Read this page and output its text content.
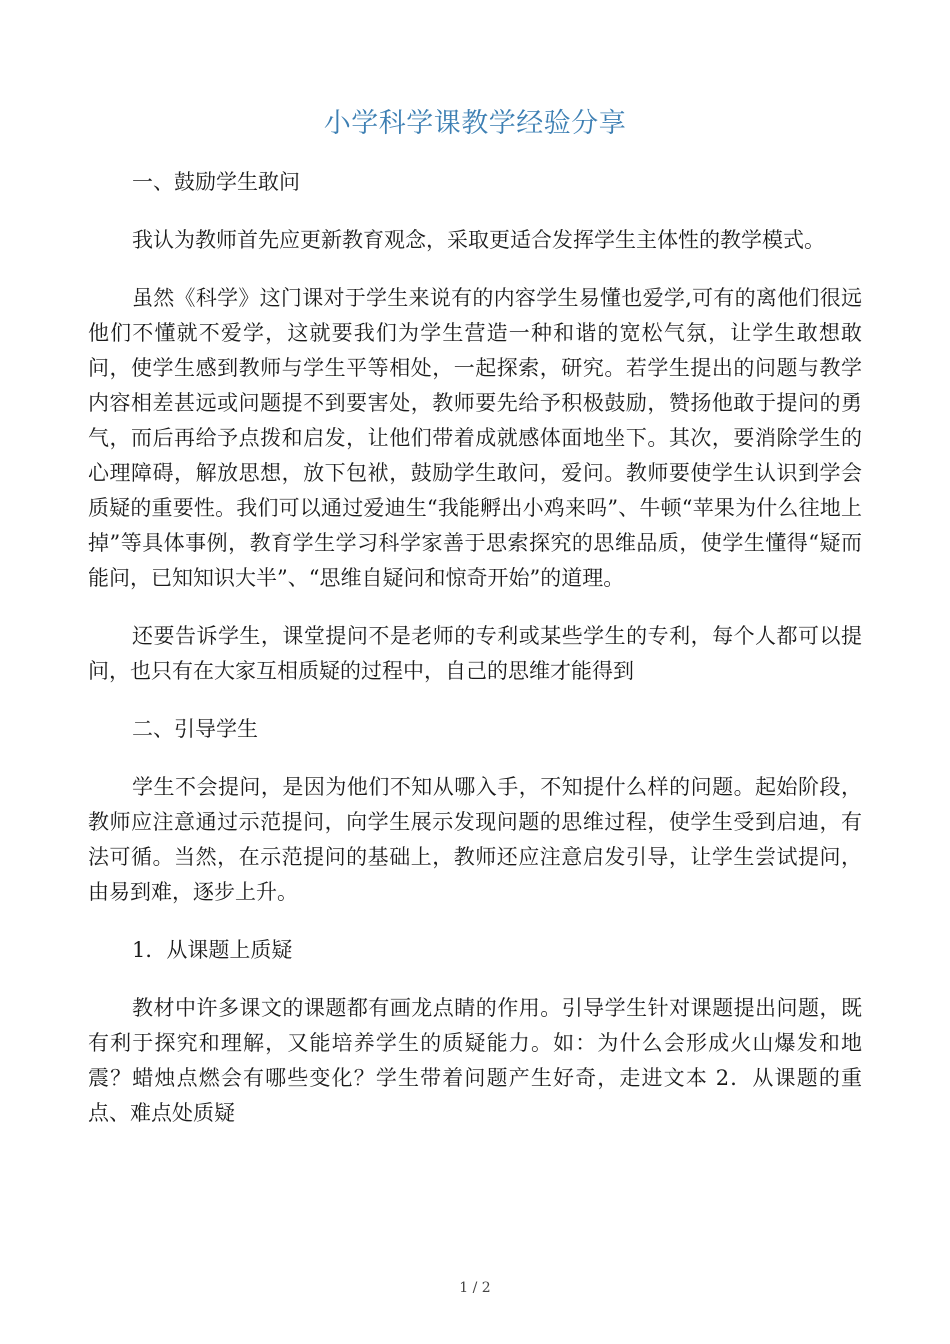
小学科学课教学经验分享
一、鼓励学生敢问
我认为教师首先应更新教育观念，采取更适合发挥学生主体性的教学模式。
虽然《科学》这门课对于学生来说有的内容学生易懂也爱学,可有的离他们很远他们不懂就不爱学，这就要我们为学生营造一种和谐的宽松气氛，让学生敢想敢问，使学生感到教师与学生平等相处，一起探索，研究。若学生提出的问题与教学内容相差甚远或问题提不到要害处，教师要先给予积极鼓励，赞扬他敢于提问的勇气，而后再给予点拨和启发，让他们带着成就感体面地坐下。其次，要消除学生的心理障碍，解放思想，放下包袱，鼓励学生敢问，爱问。教师要使学生认识到学会质疑的重要性。我们可以通过爱迪生“我能孵出小鸡来吗”、牛顿“苹果为什么往地上掉”等具体事例，教育学生学习科学家善于思索探究的思维品质，使学生懂得“疑而能问，已知知识大半”、“思维自疑问和惊奇开始”的道理。
还要告诉学生，课堂提问不是老师的专利或某些学生的专利，每个人都可以提问，也只有在大家互相质疑的过程中，自己的思维才能得到
二、引导学生
学生不会提问，是因为他们不知从哪入手，不知提什么样的问题。起始阶段，教师应注意通过示范提问，向学生展示发现问题的思维过程，使学生受到启迪，有法可循。当然，在示范提问的基础上，教师还应注意启发引导，让学生尝试提问，由易到难，逐步上升。
1．从课题上质疑
教材中许多课文的课题都有画龙点睛的作用。引导学生针对课题提出问题，既有利于探究和理解，又能培养学生的质疑能力。如：为什么会形成火山爆发和地震？蜡烛点燃会有哪些变化？学生带着问题产生好奇，走进文本 2．从课题的重点、难点处质疑
1 / 2
